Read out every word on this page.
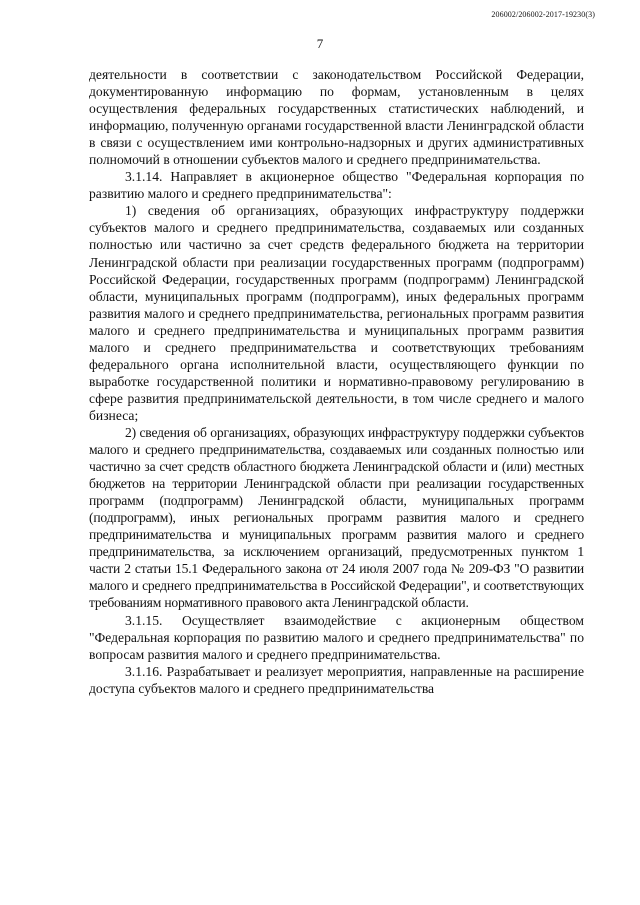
206002/206002-2017-19230(3)
7

деятельности в соответствии с законодательством Российской Федерации, документированную информацию по формам, установленным в целях осуществления федеральных государственных статистических наблюдений, и информацию, полученную органами государственной власти Ленинградской области в связи с осуществлением ими контрольно-надзорных и других административных полномочий в отношении субъектов малого и среднего предпринимательства.

3.1.14. Направляет в акционерное общество "Федеральная корпорация по развитию малого и среднего предпринимательства":

1) сведения об организациях, образующих инфраструктуру поддержки субъектов малого и среднего предпринимательства, создаваемых или созданных полностью или частично за счет средств федерального бюджета на территории Ленинградской области при реализации государственных программ (подпрограмм) Российской Федерации, государственных программ (подпрограмм) Ленинградской области, муниципальных программ (подпрограмм), иных федеральных программ развития малого и среднего предпринимательства, региональных программ развития малого и среднего предпринимательства и муниципальных программ развития малого и среднего предпринимательства и соответствующих требованиям федерального органа исполнительной власти, осуществляющего функции по выработке государственной политики и нормативно-правовому регулированию в сфере развития предпринимательской деятельности, в том числе среднего и малого бизнеса;

2) сведения об организациях, образующих инфраструктуру поддержки субъектов малого и среднего предпринимательства, создаваемых или созданных полностью или частично за счет средств областного бюджета Ленинградской области и (или) местных бюджетов на территории Ленинградской области при реализации государственных программ (подпрограмм) Ленинградской области, муниципальных программ (подпрограмм), иных региональных программ развития малого и среднего предпринимательства и муниципальных программ развития малого и среднего предпринимательства, за исключением организаций, предусмотренных пунктом 1 части 2 статьи 15.1 Федерального закона от 24 июля 2007 года № 209-ФЗ "О развитии малого и среднего предпринимательства в Российской Федерации", и соответствующих требованиям нормативного правового акта Ленинградской области.

3.1.15. Осуществляет взаимодействие с акционерным обществом "Федеральная корпорация по развитию малого и среднего предпринимательства" по вопросам развития малого и среднего предпринимательства.

3.1.16. Разрабатывает и реализует мероприятия, направленные на расширение доступа субъектов малого и среднего предпринимательства
